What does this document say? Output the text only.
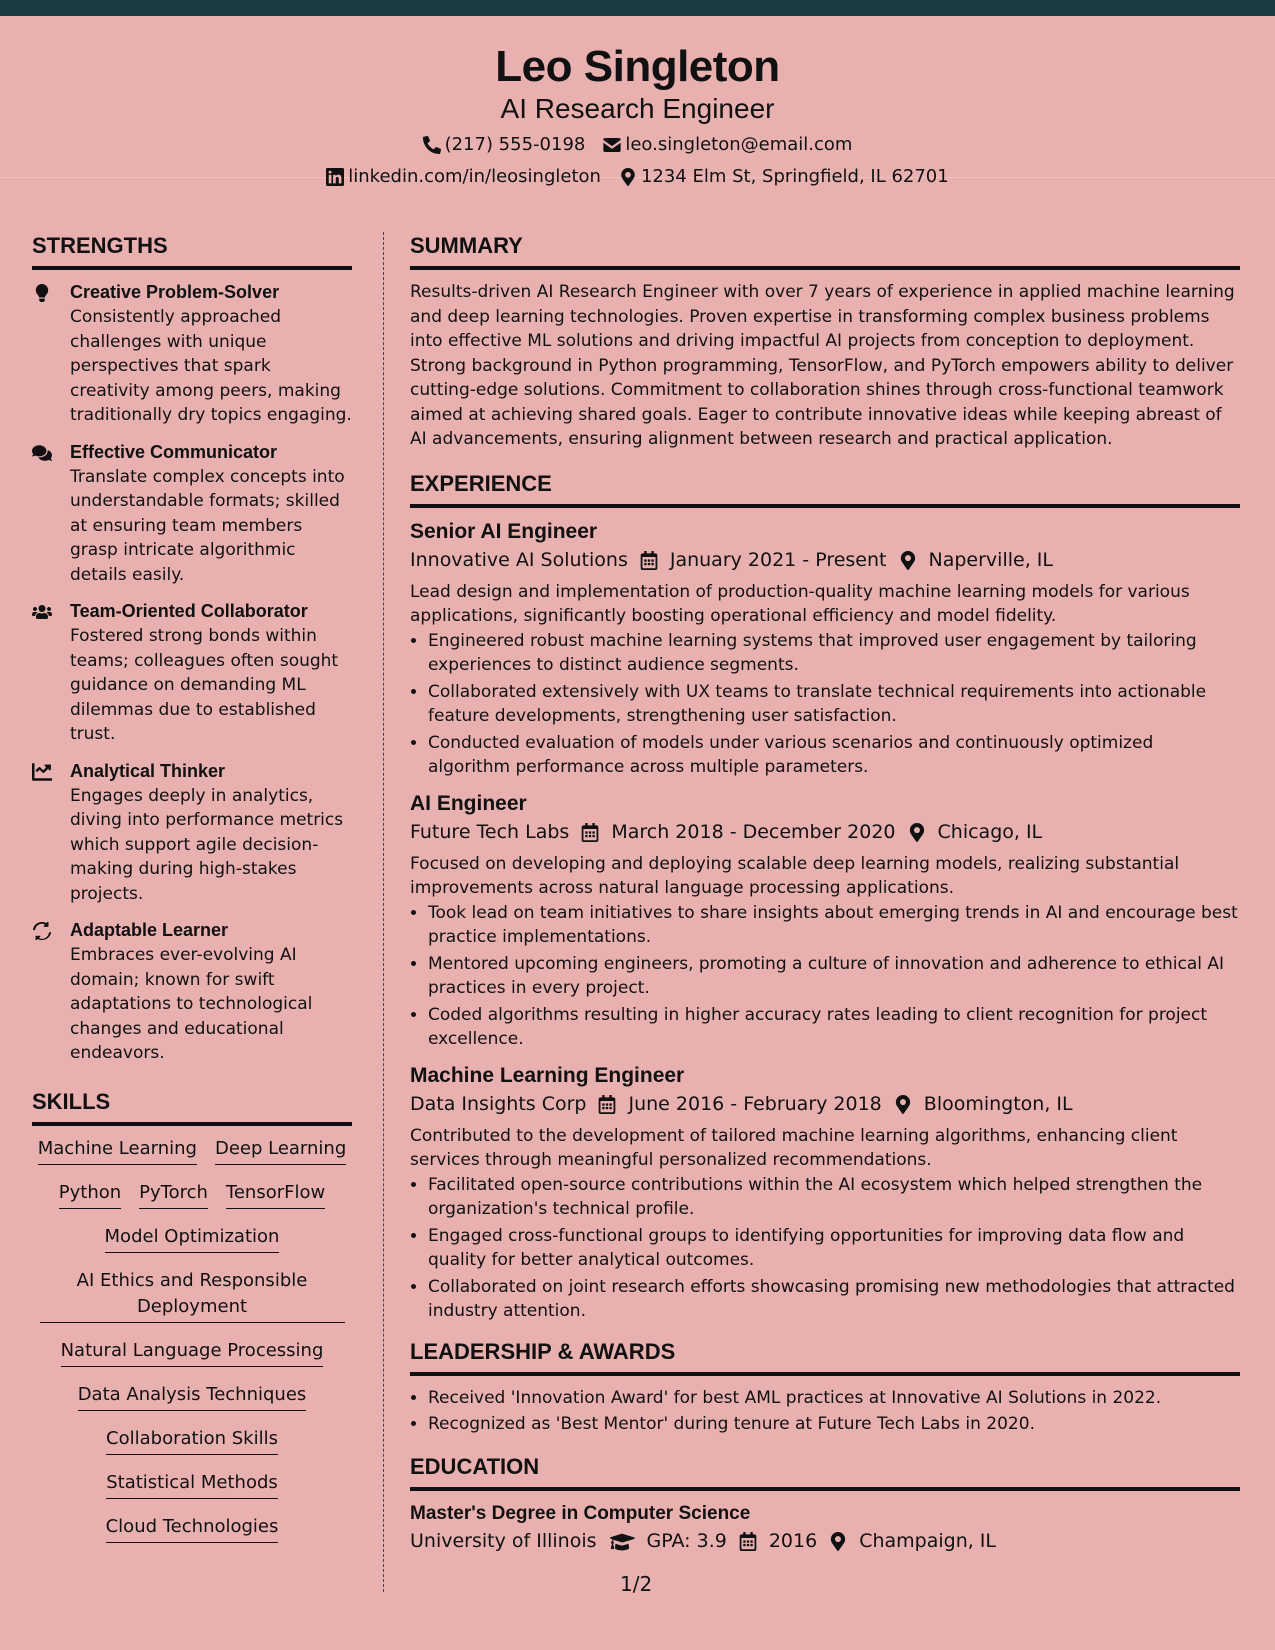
Leo Singleton
AI Research Engineer
(217) 555-0198 leo.singleton@email.com
linkedin.com/in/leosingleton 1234 Elm St, Springfield, IL 62701
STRENGTHS
Creative Problem-Solver
Consistently approached challenges with unique perspectives that spark creativity among peers, making traditionally dry topics engaging.
Effective Communicator
Translate complex concepts into understandable formats; skilled at ensuring team members grasp intricate algorithmic details easily.
Team-Oriented Collaborator
Fostered strong bonds within teams; colleagues often sought guidance on demanding ML dilemmas due to established trust.
Analytical Thinker
Engages deeply in analytics, diving into performance metrics which support agile decision-making during high-stakes projects.
Adaptable Learner
Embraces ever-evolving AI domain; known for swift adaptations to technological changes and educational endeavors.
SKILLS
Machine Learning Deep Learning
Python PyTorch TensorFlow
Model Optimization
AI Ethics and Responsible Deployment
Natural Language Processing
Data Analysis Techniques
Collaboration Skills
Statistical Methods
Cloud Technologies
SUMMARY
Results-driven AI Research Engineer with over 7 years of experience in applied machine learning and deep learning technologies. Proven expertise in transforming complex business problems into effective ML solutions and driving impactful AI projects from conception to deployment. Strong background in Python programming, TensorFlow, and PyTorch empowers ability to deliver cutting-edge solutions. Commitment to collaboration shines through cross-functional teamwork aimed at achieving shared goals. Eager to contribute innovative ideas while keeping abreast of AI advancements, ensuring alignment between research and practical application.
EXPERIENCE
Senior AI Engineer
Innovative AI Solutions January 2021 - Present Naperville, IL
Lead design and implementation of production-quality machine learning models for various applications, significantly boosting operational efficiency and model fidelity.
• Engineered robust machine learning systems that improved user engagement by tailoring experiences to distinct audience segments.
• Collaborated extensively with UX teams to translate technical requirements into actionable feature developments, strengthening user satisfaction.
• Conducted evaluation of models under various scenarios and continuously optimized algorithm performance across multiple parameters.
AI Engineer
Future Tech Labs March 2018 - December 2020 Chicago, IL
Focused on developing and deploying scalable deep learning models, realizing substantial improvements across natural language processing applications.
• Took lead on team initiatives to share insights about emerging trends in AI and encourage best practice implementations.
• Mentored upcoming engineers, promoting a culture of innovation and adherence to ethical AI practices in every project.
• Coded algorithms resulting in higher accuracy rates leading to client recognition for project excellence.
Machine Learning Engineer
Data Insights Corp June 2016 - February 2018 Bloomington, IL
Contributed to the development of tailored machine learning algorithms, enhancing client services through meaningful personalized recommendations.
• Facilitated open-source contributions within the AI ecosystem which helped strengthen the organization's technical profile.
• Engaged cross-functional groups to identifying opportunities for improving data flow and quality for better analytical outcomes.
• Collaborated on joint research efforts showcasing promising new methodologies that attracted industry attention.
LEADERSHIP & AWARDS
• Received 'Innovation Award' for best AML practices at Innovative AI Solutions in 2022.
• Recognized as 'Best Mentor' during tenure at Future Tech Labs in 2020.
EDUCATION
Master's Degree in Computer Science
University of Illinois	GPA: 3.9 2016 Champaign, IL
1/2
